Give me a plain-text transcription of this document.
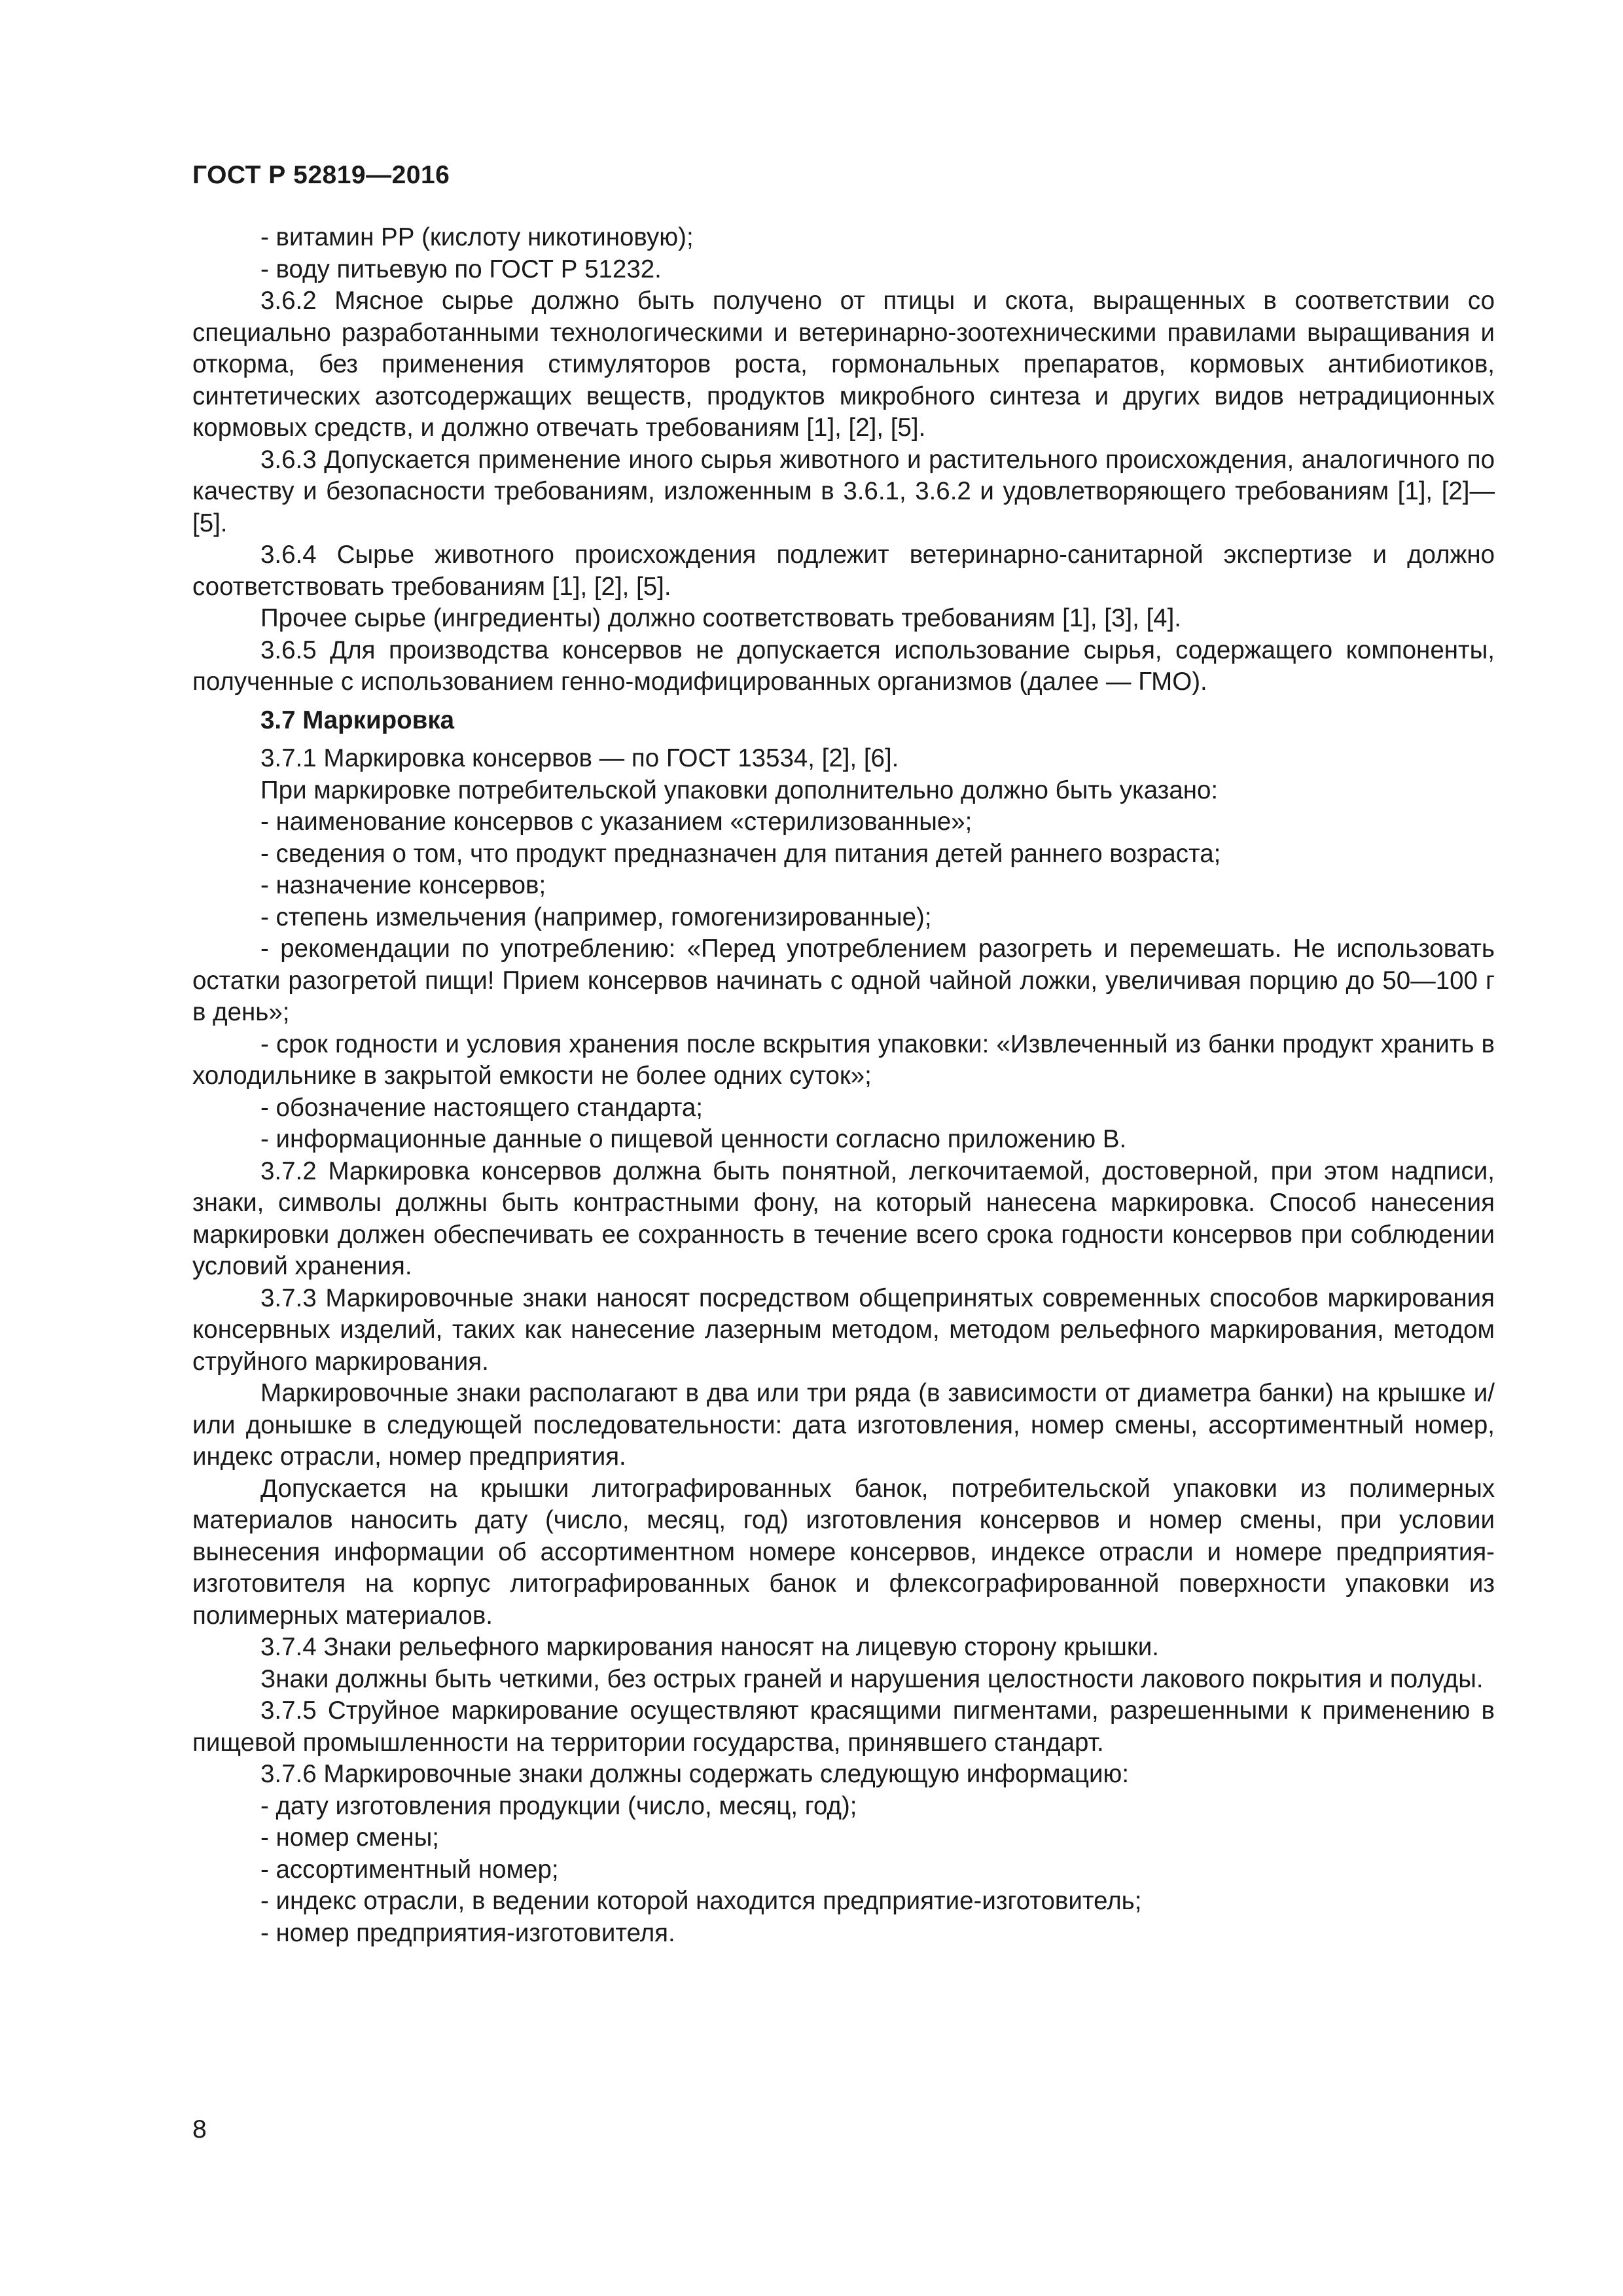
ГОСТ Р 52819—2016
- витамин РР (кислоту никотиновую);
- воду питьевую по ГОСТ Р 51232.
3.6.2 Мясное сырье должно быть получено от птицы и скота, выращенных в соответствии со специально разработанными технологическими и ветеринарно-зоотехническими правилами выращивания и откорма, без применения стимуляторов роста, гормональных препаратов, кормовых антибиотиков, синтетических азотсодержащих веществ, продуктов микробного синтеза и других видов нетрадиционных кормовых средств, и должно отвечать требованиям [1], [2], [5].
3.6.3 Допускается применение иного сырья животного и растительного происхождения, аналогичного по качеству и безопасности требованиям, изложенным в 3.6.1, 3.6.2 и удовлетворяющего требованиям [1], [2]—[5].
3.6.4 Сырье животного происхождения подлежит ветеринарно-санитарной экспертизе и должно соответствовать требованиям [1], [2], [5].
Прочее сырье (ингредиенты) должно соответствовать требованиям [1], [3], [4].
3.6.5 Для производства консервов не допускается использование сырья, содержащего компоненты, полученные с использованием генно-модифицированных организмов (далее — ГМО).
3.7 Маркировка
3.7.1 Маркировка консервов — по ГОСТ 13534, [2], [6].
При маркировке потребительской упаковки дополнительно должно быть указано:
- наименование консервов с указанием «стерилизованные»;
- сведения о том, что продукт предназначен для питания детей раннего возраста;
- назначение консервов;
- степень измельчения (например, гомогенизированные);
- рекомендации по употреблению: «Перед употреблением разогреть и перемешать. Не использовать остатки разогретой пищи! Прием консервов начинать с одной чайной ложки, увеличивая порцию до 50—100 г в день»;
- срок годности и условия хранения после вскрытия упаковки: «Извлеченный из банки продукт хранить в холодильнике в закрытой емкости не более одних суток»;
- обозначение настоящего стандарта;
- информационные данные о пищевой ценности согласно приложению В.
3.7.2 Маркировка консервов должна быть понятной, легкочитаемой, достоверной, при этом надписи, знаки, символы должны быть контрастными фону, на который нанесена маркировка. Способ нанесения маркировки должен обеспечивать ее сохранность в течение всего срока годности консервов при соблюдении условий хранения.
3.7.3 Маркировочные знаки наносят посредством общепринятых современных способов маркирования консервных изделий, таких как нанесение лазерным методом, методом рельефного маркирования, методом струйного маркирования.
Маркировочные знаки располагают в два или три ряда (в зависимости от диаметра банки) на крышке и/или донышке в следующей последовательности: дата изготовления, номер смены, ассортиментный номер, индекс отрасли, номер предприятия.
Допускается на крышки литографированных банок, потребительской упаковки из полимерных материалов наносить дату (число, месяц, год) изготовления консервов и номер смены, при условии вынесения информации об ассортиментном номере консервов, индексе отрасли и номере предприятия-изготовителя на корпус литографированных банок и флексографированной поверхности упаковки из полимерных материалов.
3.7.4 Знаки рельефного маркирования наносят на лицевую сторону крышки.
Знаки должны быть четкими, без острых граней и нарушения целостности лакового покрытия и полуды.
3.7.5 Струйное маркирование осуществляют красящими пигментами, разрешенными к применению в пищевой промышленности на территории государства, принявшего стандарт.
3.7.6 Маркировочные знаки должны содержать следующую информацию:
- дату изготовления продукции (число, месяц, год);
- номер смены;
- ассортиментный номер;
- индекс отрасли, в ведении которой находится предприятие-изготовитель;
- номер предприятия-изготовителя.
8
